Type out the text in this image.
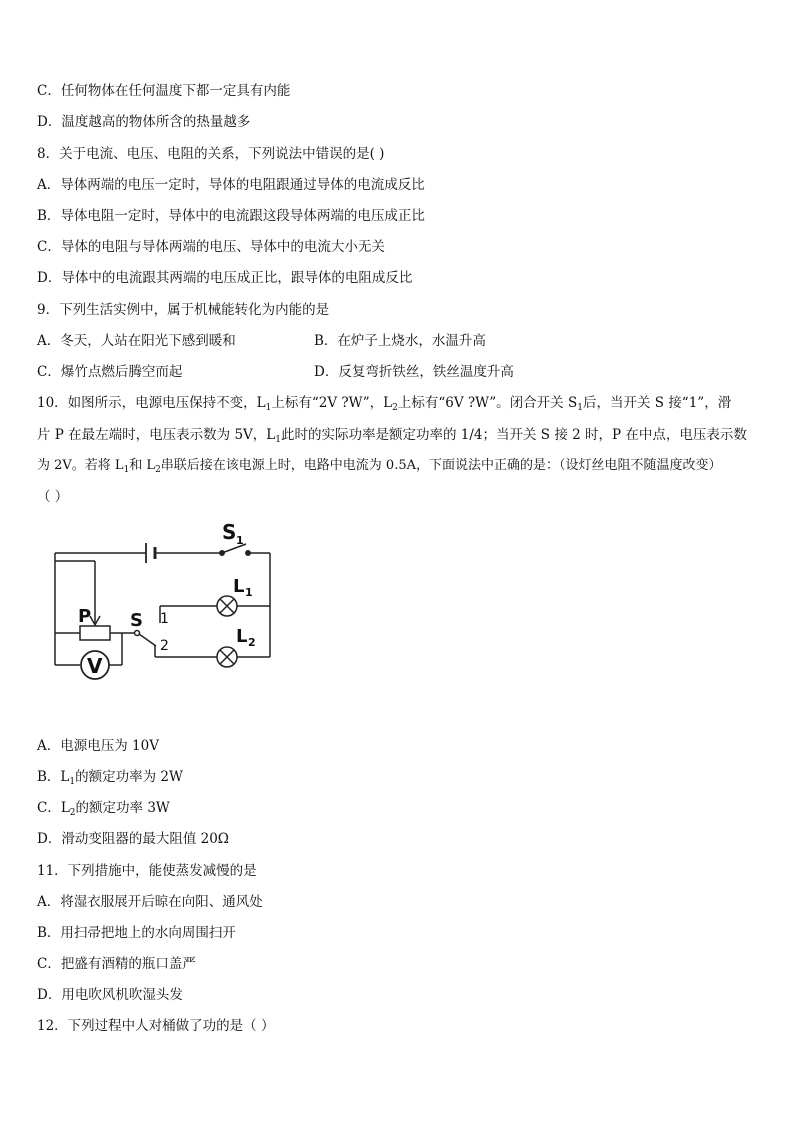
C．任何物体在任何温度下都一定具有内能
D．温度越高的物体所含的热量越多
8．关于电流、电压、电阻的关系，下列说法中错误的是( )
A．导体两端的电压一定时，导体的电阻跟通过导体的电流成反比
B．导体电阻一定时，导体中的电流跟这段导体两端的电压成正比
C．导体的电阻与导体两端的电压、导体中的电流大小无关
D．导体中的电流跟其两端的电压成正比，跟导体的电阻成反比
9．下列生活实例中，属于机械能转化为内能的是
A．冬天，人站在阳光下感到暖和	B．在炉子上烧水，水温升高
C．爆竹点燃后腾空而起	D．反复弯折铁丝，铁丝温度升高
10．如图所示，电源电压保持不变，$L_1$上标有“2V ?W”，$L_2$上标有“6V ?W”。闭合开关 $S_1$后，当开关 S 接“1”，滑
片 P 在最左端时，电压表示数为 5V，$L_1$此时的实际功率是额定功率的 1/4；当开关 S 接 2 时，P 在中点，电压表示数
为 2V。若将 $L_1$和 $L_2$串联后接在该电源上时，电路中电流为 0.5A，下面说法中正确的是：（设灯丝电阻不随温度改变）
（ ）
S 1
L 1
L 2
P S 1
2
V
A．电源电压为 10V
B．$L_1$的额定功率为 2W
C．$L_2$的额定功率 3W
D．滑动变阻器的最大阻值 20Ω
11．下列措施中，能使蒸发减慢的是
A．将湿衣服展开后晾在向阳、通风处
B．用扫帚把地上的水向周围扫开
C．把盛有酒精的瓶口盖严
D．用电吹风机吹湿头发
12．下列过程中人对桶做了功的是（ ）
